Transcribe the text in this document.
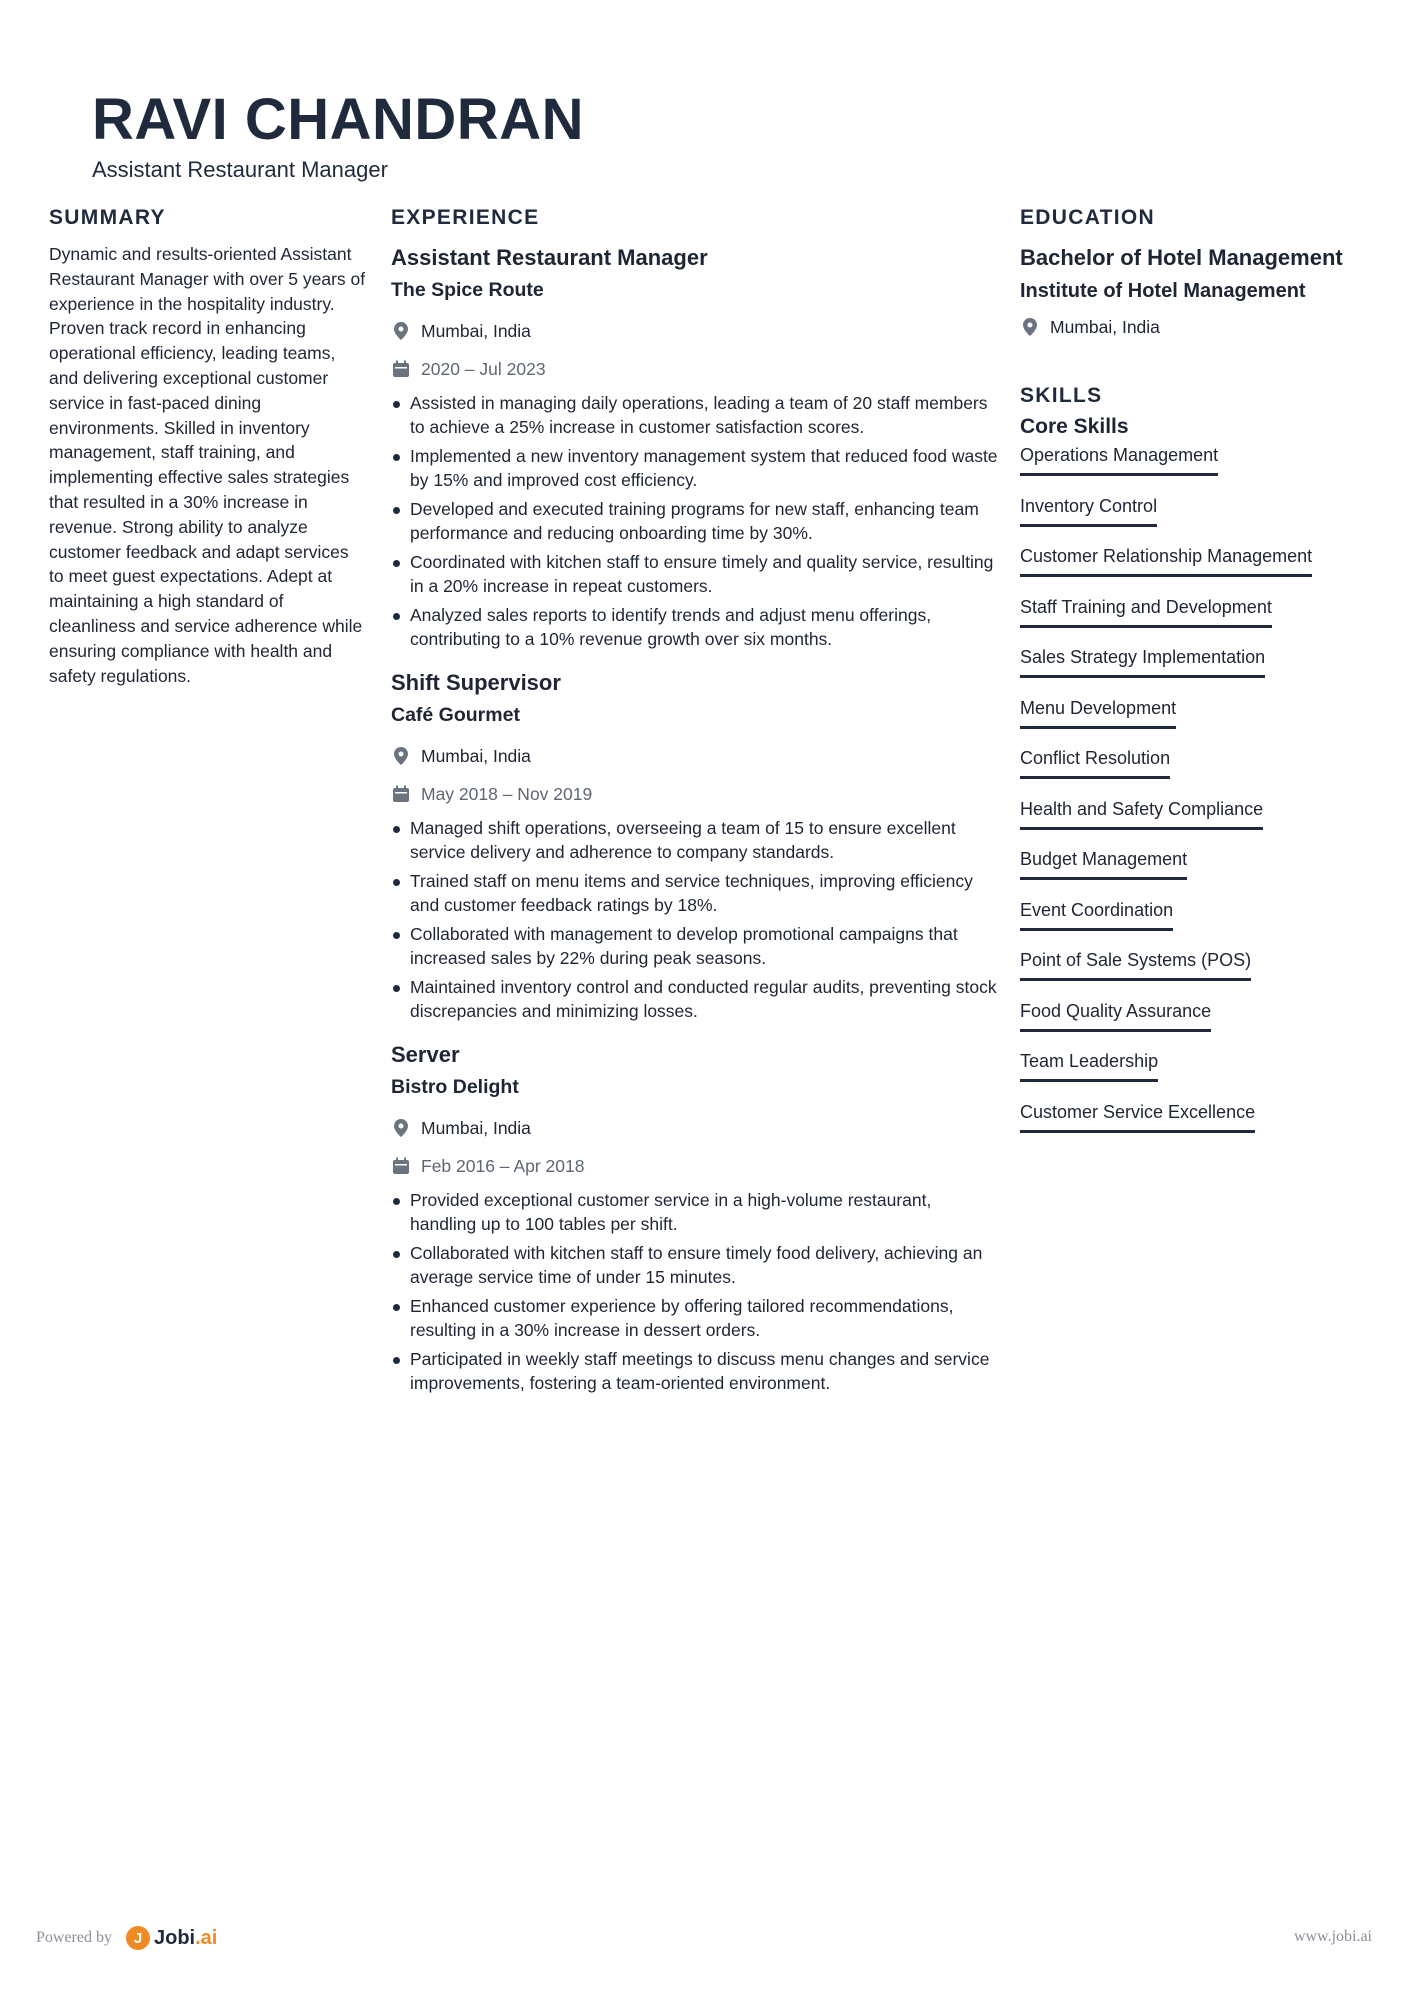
RAVI CHANDRAN
Assistant Restaurant Manager
SUMMARY

Dynamic and results-oriented Assistant Restaurant Manager with over 5 years of experience in the hospitality industry. Proven track record in enhancing operational efficiency, leading teams, and delivering exceptional customer service in fast-paced dining environments. Skilled in inventory management, staff training, and implementing effective sales strategies that resulted in a 30% increase in revenue. Strong ability to analyze customer feedback and adapt services to meet guest expectations. Adept at maintaining a high standard of cleanliness and service adherence while ensuring compliance with health and safety regulations.

EXPERIENCE
Assistant Restaurant Manager
The Spice Route
Mumbai, India
2020 – Jul 2023
Assisted in managing daily operations, leading a team of 20 staff members to achieve a 25% increase in customer satisfaction scores.
Implemented a new inventory management system that reduced food waste by 15% and improved cost efficiency.
Developed and executed training programs for new staff, enhancing team performance and reducing onboarding time by 30%.
Coordinated with kitchen staff to ensure timely and quality service, resulting in a 20% increase in repeat customers.
Analyzed sales reports to identify trends and adjust menu offerings, contributing to a 10% revenue growth over six months.
Shift Supervisor
Café Gourmet
Mumbai, India
May 2018 – Nov 2019
Managed shift operations, overseeing a team of 15 to ensure excellent service delivery and adherence to company standards.
Trained staff on menu items and service techniques, improving efficiency and customer feedback ratings by 18%.
Collaborated with management to develop promotional campaigns that increased sales by 22% during peak seasons.
Maintained inventory control and conducted regular audits, preventing stock discrepancies and minimizing losses.
Server
Bistro Delight
Mumbai, India
Feb 2016 – Apr 2018
Provided exceptional customer service in a high-volume restaurant, handling up to 100 tables per shift.
Collaborated with kitchen staff to ensure timely food delivery, achieving an average service time of under 15 minutes.
Enhanced customer experience by offering tailored recommendations, resulting in a 30% increase in dessert orders.
Participated in weekly staff meetings to discuss menu changes and service improvements, fostering a team-oriented environment.
EDUCATION
Bachelor of Hotel Management
Institute of Hotel Management
Mumbai, India
SKILLS
Core Skills
Operations Management
Inventory Control
Customer Relationship Management
Staff Training and Development
Sales Strategy Implementation
Menu Development
Conflict Resolution
Health and Safety Compliance
Budget Management
Event Coordination
Point of Sale Systems (POS)
Food Quality Assurance
Team Leadership
Customer Service Excellence
Powered by	J Jobi.ai	www.jobi.ai
